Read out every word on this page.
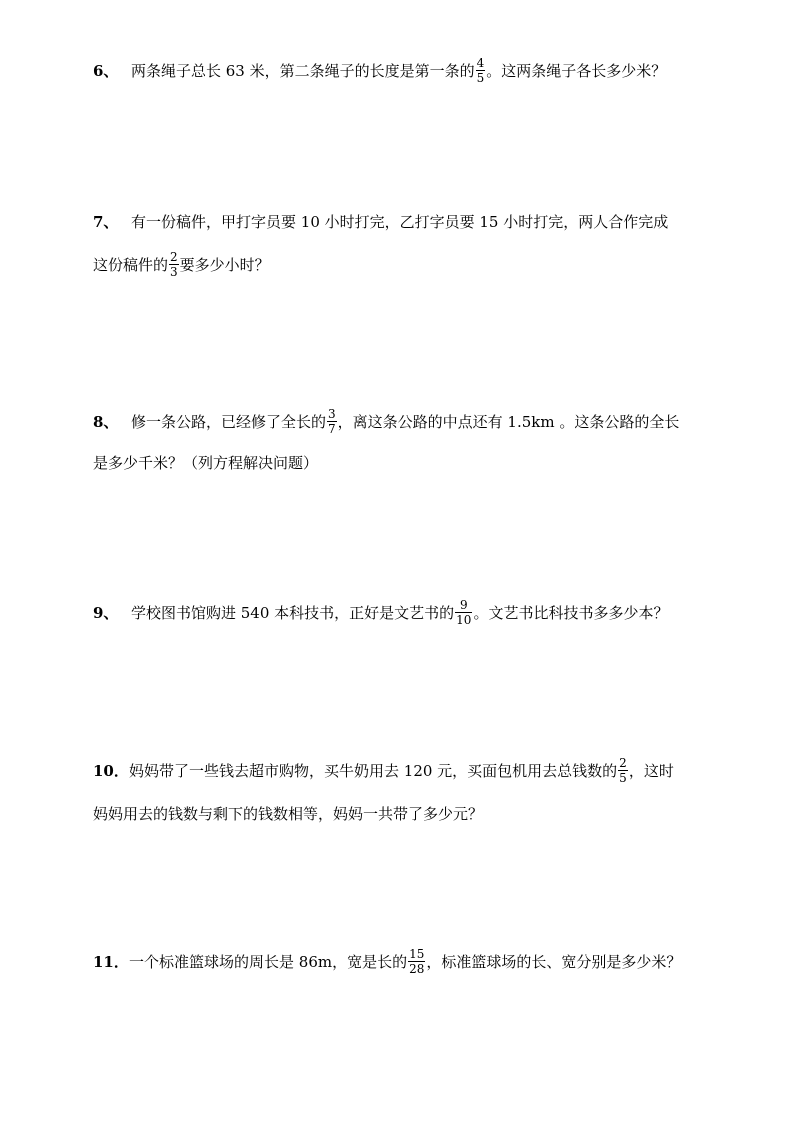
6、 两条绳子总长 63 米，第二条绳子的长度是第一条的 $\frac{4}{5}$ 。这两条绳子各长多少米？
7、 有一份稿件，甲打字员要 10 小时打完，乙打字员要 15 小时打完，两人合作完成
这份稿件的 $\frac{2}{3}$ 要多少小时？
8、 修一条公路，已经修了全长的 $\frac{3}{7}$ ，离这条公路的中点还有 1.5km 。这条公路的全长
是多少千米？（列方程解决问题）
9、 学校图书馆购进 540 本科技书，正好是文艺书的 $\frac{9}{10}$ 。文艺书比科技书多多少本？
10．妈妈带了一些钱去超市购物，买牛奶用去 120 元，买面包机用去总钱数的 $\frac{2}{5}$ ，这时
妈妈用去的钱数与剩下的钱数相等，妈妈一共带了多少元？
11．一个标准篮球场的周长是 86m，宽是长的 $\frac{15}{28}$ ，标准篮球场的长、宽分别是多少米？
